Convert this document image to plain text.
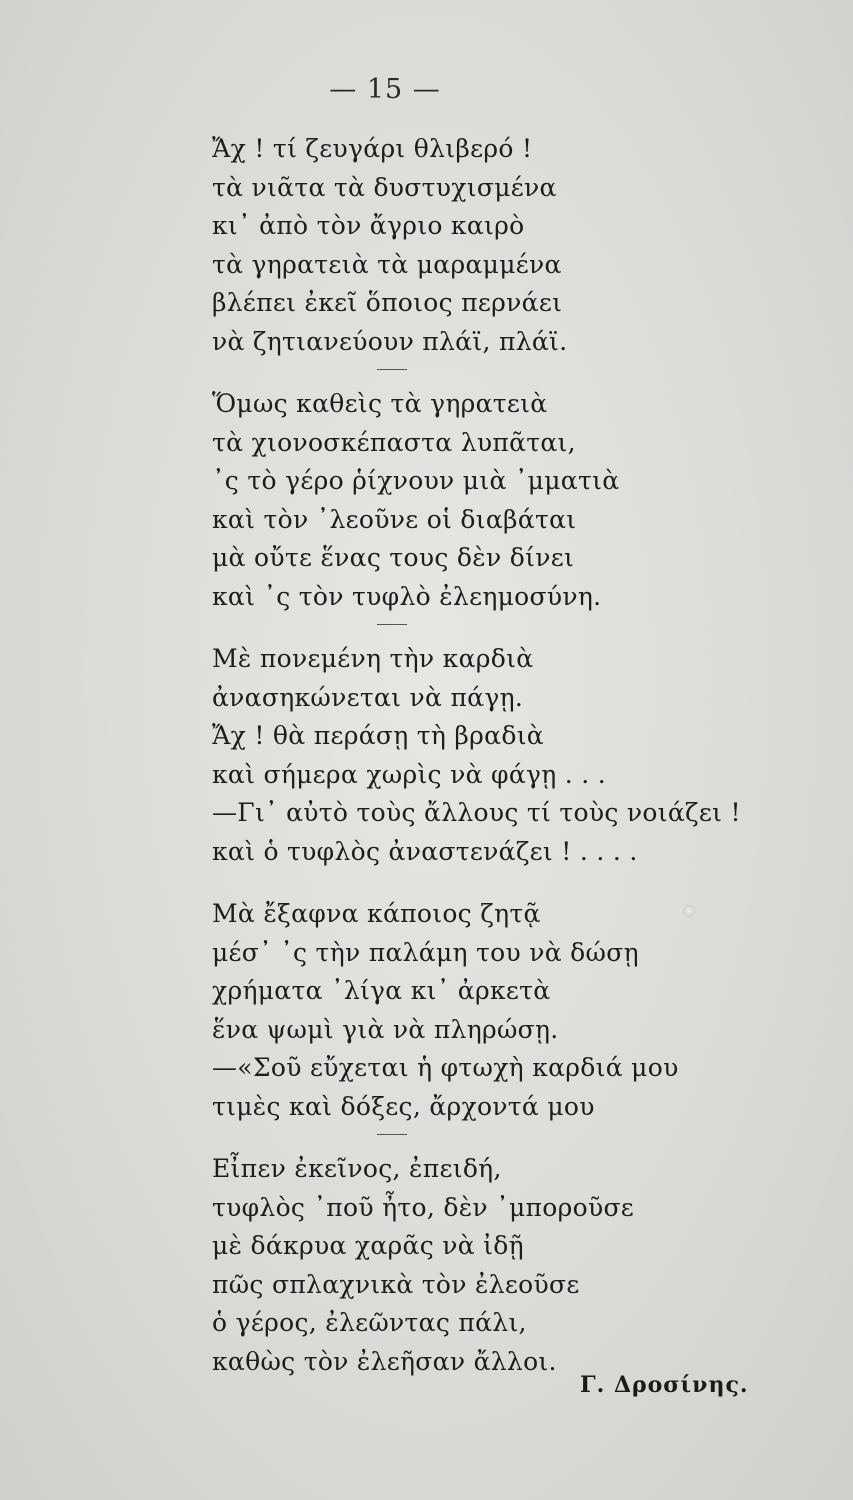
— 15 —
Ἄχ ! τί ζευγάρι θλιβερό !
τὰ νιᾶτα τὰ δυστυχισμένα
κι᾽ ἀπὸ τὸν ἄγριο καιρὸ
τὰ γηρατειὰ τὰ μαραμμένα
βλέπει ἐκεῖ ὅποιος περνάει
νὰ ζητιανεύουν πλάϊ, πλάϊ.
Ὅμως καθεὶς τὰ γηρατειὰ
τὰ χιονοσκέπαστα λυπᾶται,
᾽ς τὸ γέρο ῥίχνουν μιὰ ᾽μματιὰ
καὶ τὸν ᾽λεοῦνε οἱ διαβάται
μὰ οὔτε ἕνας τους δὲν δίνει
καὶ ᾽ς τὸν τυφλὸ ἐλεημοσύνη.
Μὲ πονεμένη τὴν καρδιὰ
ἀνασηκώνεται νὰ πάγῃ.
Ἄχ ! θὰ περάσῃ τὴ βραδιὰ
καὶ σήμερα χωρὶς νὰ φάγῃ . . .
—Γι᾽ αὐτὸ τοὺς ἄλλους τί τοὺς νοιάζει !
καὶ ὁ τυφλὸς ἀναστενάζει ! . . . .
Μὰ ἔξαφνα κάποιος ζητᾷ
μέσ᾽ ᾽ς τὴν παλάμη του νὰ δώσῃ
χρήματα ᾽λίγα κι᾽ ἀρκετὰ
ἕνα ψωμὶ γιὰ νὰ πληρώσῃ.
—«Σοῦ εὔχεται ἡ φτωχὴ καρδιά μου
τιμὲς καὶ δόξες, ἄρχοντά μου
Εἶπεν ἐκεῖνος, ἐπειδή,
τυφλὸς ᾽ποῦ ἦτο, δὲν ᾽μποροῦσε
μὲ δάκρυα χαρᾶς νὰ ἰδῇ
πῶς σπλαχνικὰ τὸν ἐλεοῦσε
ὁ γέρος, ἐλεῶντας πάλι,
καθὼς τὸν ἐλεῆσαν ἄλλοι.
Γ. Δροσίνης.
